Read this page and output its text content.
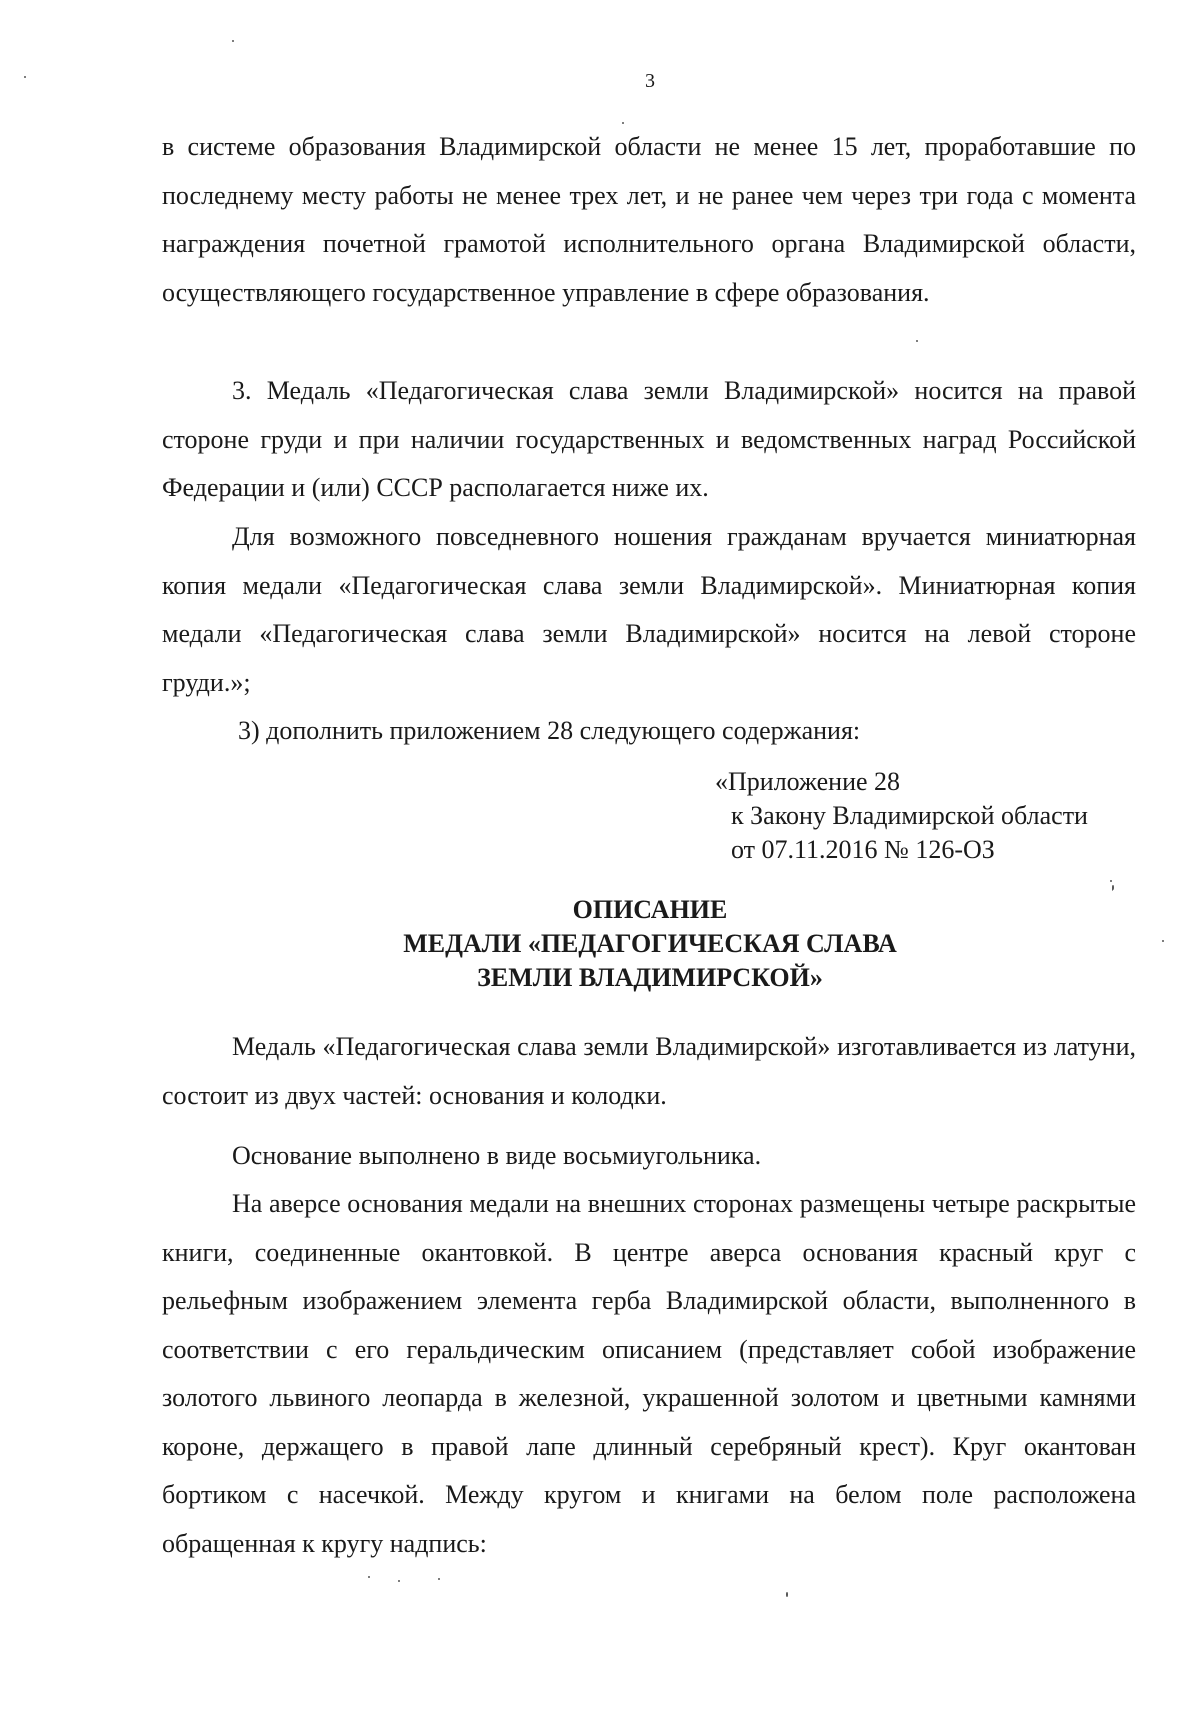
3

в системе образования Владимирской области не менее 15 лет, проработавшие по последнему месту работы не менее трех лет, и не ранее чем через три года с момента награждения почетной грамотой исполнительного органа Владимирской области, осуществляющего государственное управление в сфере образования.

3. Медаль «Педагогическая слава земли Владимирской» носится на правой стороне груди и при наличии государственных и ведомственных наград Российской Федерации и (или) СССР располагается ниже их.

Для возможного повседневного ношения гражданам вручается миниатюрная копия медали «Педагогическая слава земли Владимирской». Миниатюрная копия медали «Педагогическая слава земли Владимирской» носится на левой стороне груди.»;

3) дополнить приложением 28 следующего содержания:

«Приложение 28
к Закону Владимирской области
от 07.11.2016 № 126-ОЗ
ОПИСАНИЕ
МЕДАЛИ «ПЕДАГОГИЧЕСКАЯ СЛАВА
ЗЕМЛИ ВЛАДИМИРСКОЙ»

Медаль «Педагогическая слава земли Владимирской» изготавливается из латуни, состоит из двух частей: основания и колодки.

Основание выполнено в виде восьмиугольника.

На аверсе основания медали на внешних сторонах размещены четыре раскрытые книги, соединенные окантовкой. В центре аверса основания красный круг с рельефным изображением элемента герба Владимирской области, выполненного в соответствии с его геральдическим описанием (представляет собой изображение золотого львиного леопарда в железной, украшенной золотом и цветными камнями короне, держащего в правой лапе длинный серебряный крест). Круг окантован бортиком с насечкой. Между кругом и книгами на белом поле расположена обращенная к кругу надпись:
